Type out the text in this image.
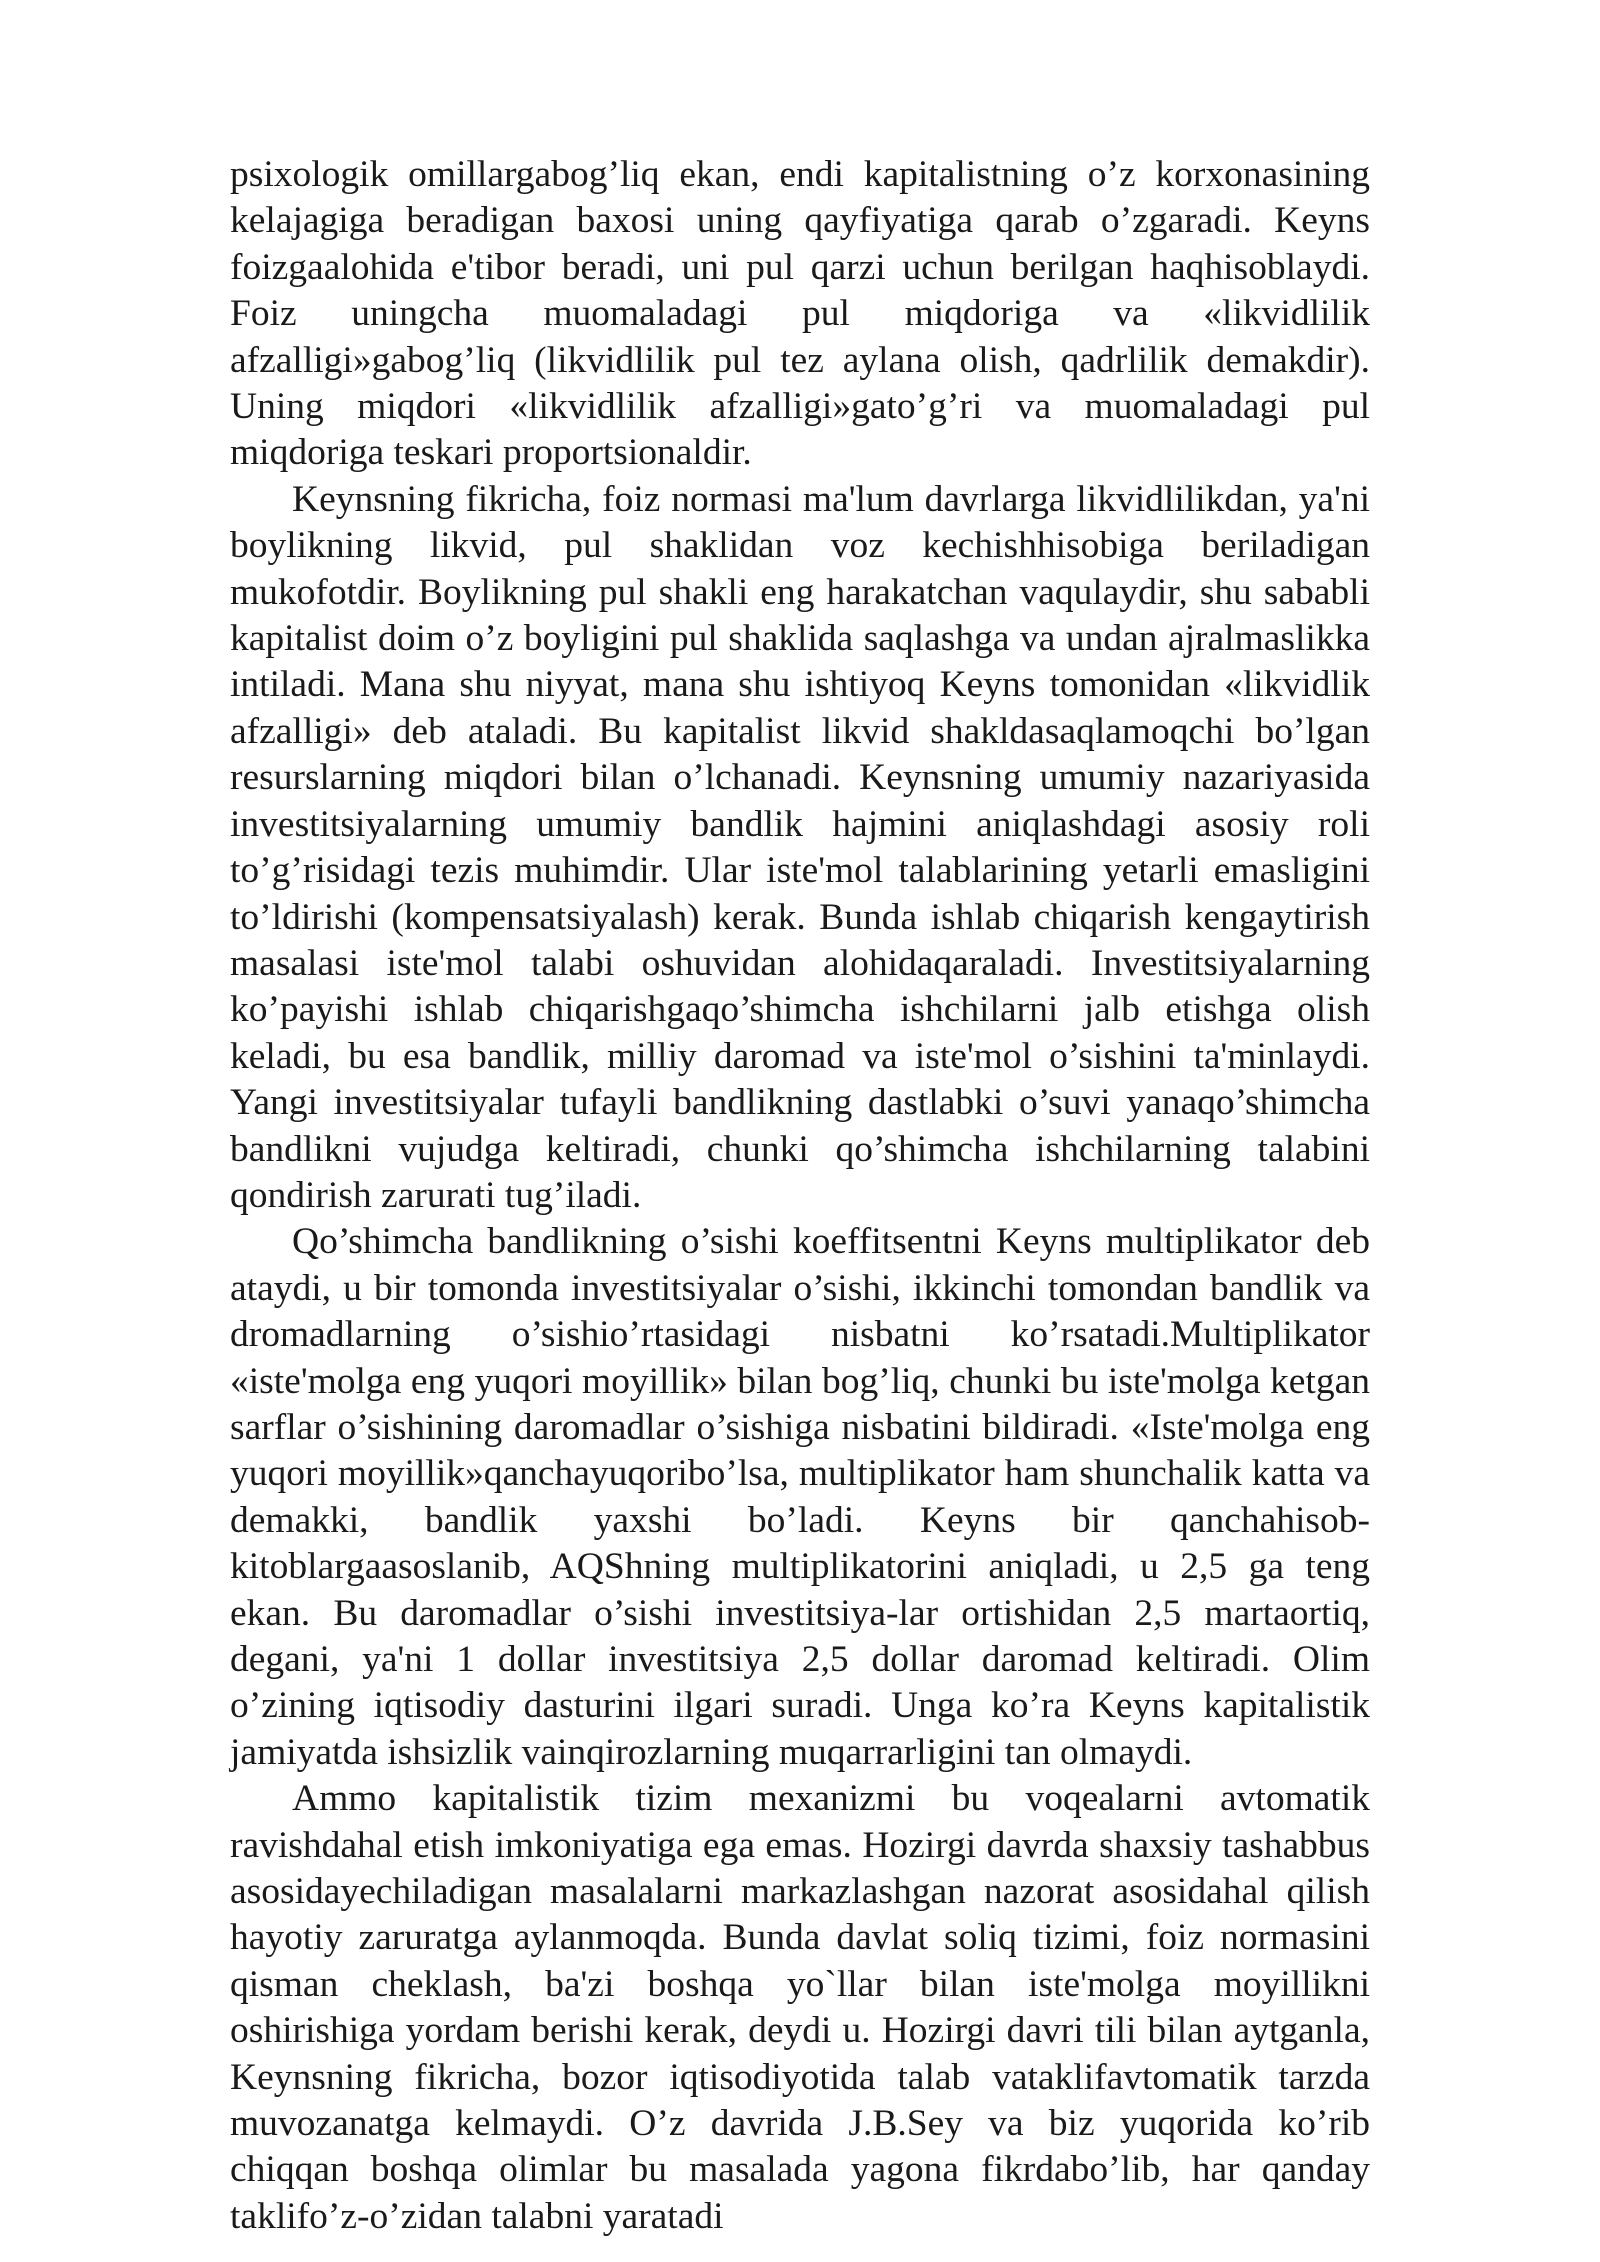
psixologik omillargabog’liq ekan, endi kapitalistning o’z korxonasining kelajagiga beradigan baxosi uning qayfiyatiga qarab o’zgaradi. Keyns foizgaalohida e'tibor beradi, uni pul qarzi uchun berilgan haqhisoblaydi. Foiz uningcha muomaladagi pul miqdoriga va «likvidlilik afzalligi»gabog’liq (likvidlilik pul tez aylana olish, qadrlilik demakdir). Uning miqdori «likvidlilik afzalligi»gato’g’ri va muomaladagi pul miqdoriga teskari proportsionaldir.

Keynsning fikricha, foiz normasi ma'lum davrlarga likvidlilikdan, ya'ni boylikning likvid, pul shaklidan voz kechishhisobiga beriladigan mukofotdir. Boylikning pul shakli eng harakatchan vaqulaydir, shu sababli kapitalist doim o’z boyligini pul shaklida saqlashga va undan ajralmaslikka intiladi. Mana shu niyyat, mana shu ishtiyoq Keyns tomonidan «likvidlik afzalligi» deb ataladi. Bu kapitalist likvid shakldasaqlamoqchi bo’lgan resurslarning miqdori bilan o’lchanadi. Keynsning umumiy nazariyasida investitsiyalarning umumiy bandlik hajmini aniqlashdagi asosiy roli to’g’risidagi tezis muhimdir. Ular iste'mol talablarining yetarli emasligini to’ldirishi (kompensatsiyalash) kerak. Bunda ishlab chiqarish kengaytirish masalasi iste'mol talabi oshuvidan alohidaqaraladi. Investitsiyalarning ko’payishi ishlab chiqarishgaqo’shimcha ishchilarni jalb etishga olish keladi, bu esa bandlik, milliy daromad va iste'mol o’sishini ta'minlaydi. Yangi investitsiyalar tufayli bandlikning dastlabki o’suvi yanaqo’shimcha bandlikni vujudga keltiradi, chunki qo’shimcha ishchilarning talabini qondirish zarurati tug’iladi.

Qo’shimcha bandlikning o’sishi koeffitsentni Keyns multiplikator deb ataydi, u bir tomonda investitsiyalar o’sishi, ikkinchi tomondan bandlik va dromadlarning o’sishio’rtasidagi nisbatni ko’rsatadi.Multiplikator «iste'molga eng yuqori moyillik» bilan bog’liq, chunki bu iste'molga ketgan sarflar o’sishining daromadlar o’sishiga nisbatini bildiradi. «Iste'molga eng yuqori moyillik»qanchayuqoribo’lsa, multiplikator ham shunchalik katta va demakki, bandlik yaxshi bo’ladi. Keyns bir qanchahisob-kitoblargaasoslanib, AQShning multiplikatorini aniqladi, u 2,5 ga teng ekan. Bu daromadlar o’sishi investitsiya-lar ortishidan 2,5 martaortiq, degani, ya'ni 1 dollar investitsiya 2,5 dollar daromad keltiradi. Olim o’zining iqtisodiy dasturini ilgari suradi. Unga ko’ra Keyns kapitalistik jamiyatda ishsizlik vainqirozlarning muqarrarligini tan olmaydi.

Ammo kapitalistik tizim mexanizmi bu voqealarni avtomatik ravishdahal etish imkoniyatiga ega emas. Hozirgi davrda shaxsiy tashabbus asosidayechiladigan masalalarni markazlashgan nazorat asosidahal qilish hayotiy zaruratga aylanmoqda. Bunda davlat soliq tizimi, foiz normasini qisman cheklash, ba'zi boshqa yo`llar bilan iste'molga moyillikni oshirishiga yordam berishi kerak, deydi u. Hozirgi davri tili bilan aytganla, Keynsning fikricha, bozor iqtisodiyotida talab vataklifavtomatik tarzda muvozanatga kelmaydi. O’z davrida J.B.Sey va biz yuqorida ko’rib chiqqan boshqa olimlar bu masalada yagona fikrdabo’lib, har qanday taklifo’z-o’zidan talabni yaratadi
